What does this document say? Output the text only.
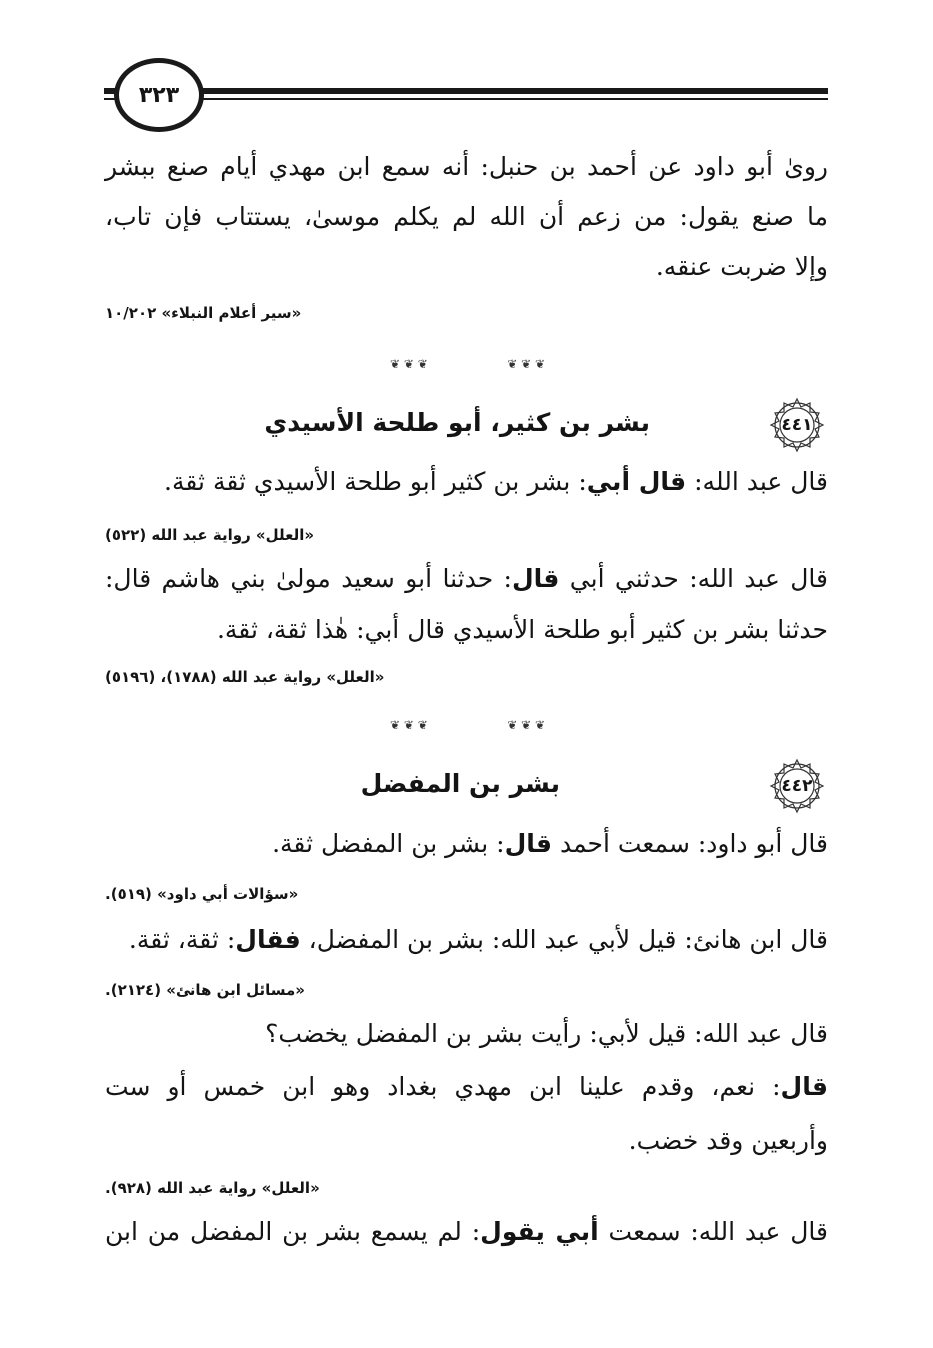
٣٢٣
رویٰ أبو داود عن أحمد بن حنبل: أنه سمع ابن مهدي أيام صنع ببشر
ما صنع يقول: من زعم أن الله لم يكلم موسیٰ، يستتاب فإن تاب،
وإلا ضربت عنقه.
«سير أعلام النبلاء» ١٠/٢٠٢
❦ ❦ ❦	❦ ❦ ❦
٤٤١
بشر بن كثير، أبو طلحة الأسيدي
قال عبد الله: قال أبي: بشر بن كثير أبو طلحة الأسيدي ثقة ثقة.
«العلل» رواية عبد الله (٥٢٢)
قال عبد الله: حدثني أبي قال: حدثنا أبو سعيد مولیٰ بني هاشم قال:
حدثنا بشر بن كثير أبو طلحة الأسيدي قال أبي: هٰذا ثقة، ثقة.
«العلل» رواية عبد الله (١٧٨٨)، (٥١٩٦)
❦ ❦ ❦	❦ ❦ ❦
٤٤٢
بشر بن المفضل
قال أبو داود: سمعت أحمد قال: بشر بن المفضل ثقة.
«سؤالات أبي داود» (٥١٩).
قال ابن هانئ: قيل لأبي عبد الله: بشر بن المفضل، فقال: ثقة، ثقة.
«مسائل ابن هانئ» (٢١٢٤).
قال عبد الله: قيل لأبي: رأيت بشر بن المفضل يخضب؟
قال: نعم، وقدم علينا ابن مهدي بغداد وهو ابن خمس أو ست
وأربعين وقد خضب.
«العلل» رواية عبد الله (٩٢٨).
قال عبد الله: سمعت أبي يقول: لم يسمع بشر بن المفضل من ابن
